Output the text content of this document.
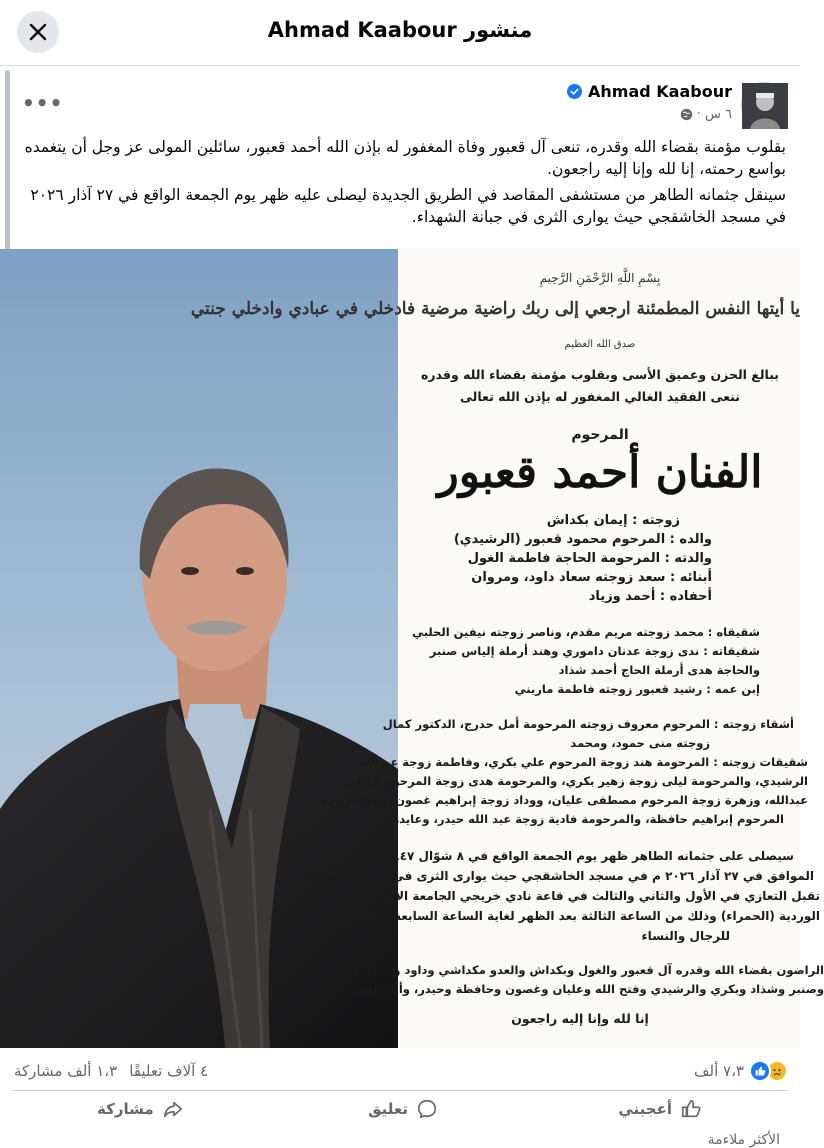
منشور Ahmad Kaabour
Ahmad Kaabour
٦ س ·
•••

بقلوب مؤمنة بقضاء الله وقدره، تنعى آل قعبور وفاة المغفور له بإذن الله أحمد قعبور، سائلين المولى عز وجل أن يتغمده بواسع رحمته، إنا لله وإنا إليه راجعون.

سينقل جثمانه الطاهر من مستشفى المقاصد في الطريق الجديدة ليصلى عليه ظهر يوم الجمعة الواقع في ٢٧ آذار ٢٠٢٦ في مسجد الخاشقجي حيث يوارى الثرى في جبانة الشهداء.

بِسْمِ اللَّهِ الرَّحْمَنِ الرَّحِيمِ
يا أيتها النفس المطمئنة ارجعي إلى ربك راضية مرضية فادخلي في عبادي وادخلي جنتي
صدق الله العظيم
ببالغ الحزن وعميق الأسى وبقلوب مؤمنة بقضاء الله وقدره
ننعى الفقيد الغالي المغفور له بإذن الله تعالى
المرحوم
الفنان أحمد قعبور
زوجته : إيمان بكداش
والده : المرحوم محمود قعبور (الرشيدي)
والدته : المرحومة الحاجة فاطمة الغول
أبنائه : سعد زوجته سعاد داود، ومروان
أحفاده : أحمد وزياد
شقيقاه : محمد زوجته مريم مقدم، وناصر زوجته نيفين الحلبي
شقيقاته : ندى زوجة عدنان داموري وهند أرملة إلياس صنبر
والحاجة هدى أرملة الحاج أحمد شذاد
إبن عمه : رشيد قعبور زوجته فاطمة ماريني
أشقاء زوجته : المرحوم معروف زوجته المرحومة أمل حدرج، الدكتور كمال
زوجته منى حمود، ومحمد
شقيقات زوجته : المرحومة هند زوجة المرحوم علي بكري، وفاطمة زوجة عبدالله
الرشيدي، والمرحومة ليلى زوجة زهير بكري، والمرحومة هدى زوجة المرحوم عدنان
عبدالله، وزهرة زوجة المرحوم مصطفى عليان، ووداد زوجة إبراهيم غصون، ووفاء زوجة
المرحوم إبراهيم حافظة، والمرحومة فادية زوجة عبد الله حيدر، وعايدة
سيصلى على جثمانه الطاهر ظهر يوم الجمعة الواقع في ٨ شوّال ١٤٤٧ هـ
الموافق في ٢٧ آذار ٢٠٢٦ م في مسجد الخاشقجي حيث يوارى الثرى في جبانة الشهداء
تقبل التعازي في الأول والثاني والثالث في قاعة نادي خريجي الجامعة الأمريكية Alumni
الوردية (الحمراء) وذلك من الساعة الثالثة بعد الظهر لغاية الساعة السابعة مساءً
للرجال والنساء
الراضون بقضاء الله وقدره آل قعبور والغول وبكداش والعدو مكداشي وداود ومقدم والحلبي
وصنبر وشذاد وبكري والرشيدي وفتح الله وعليان وغصون وحافظة وحيدر، وأنسباؤهم
إنا لله وإنا إليه راجعون
٧،٣ ألف
٤ آلاف تعليقًا
١،٣ ألف مشاركة
أعجبني
تعليق
مشاركة
الأكثر ملاءمة
